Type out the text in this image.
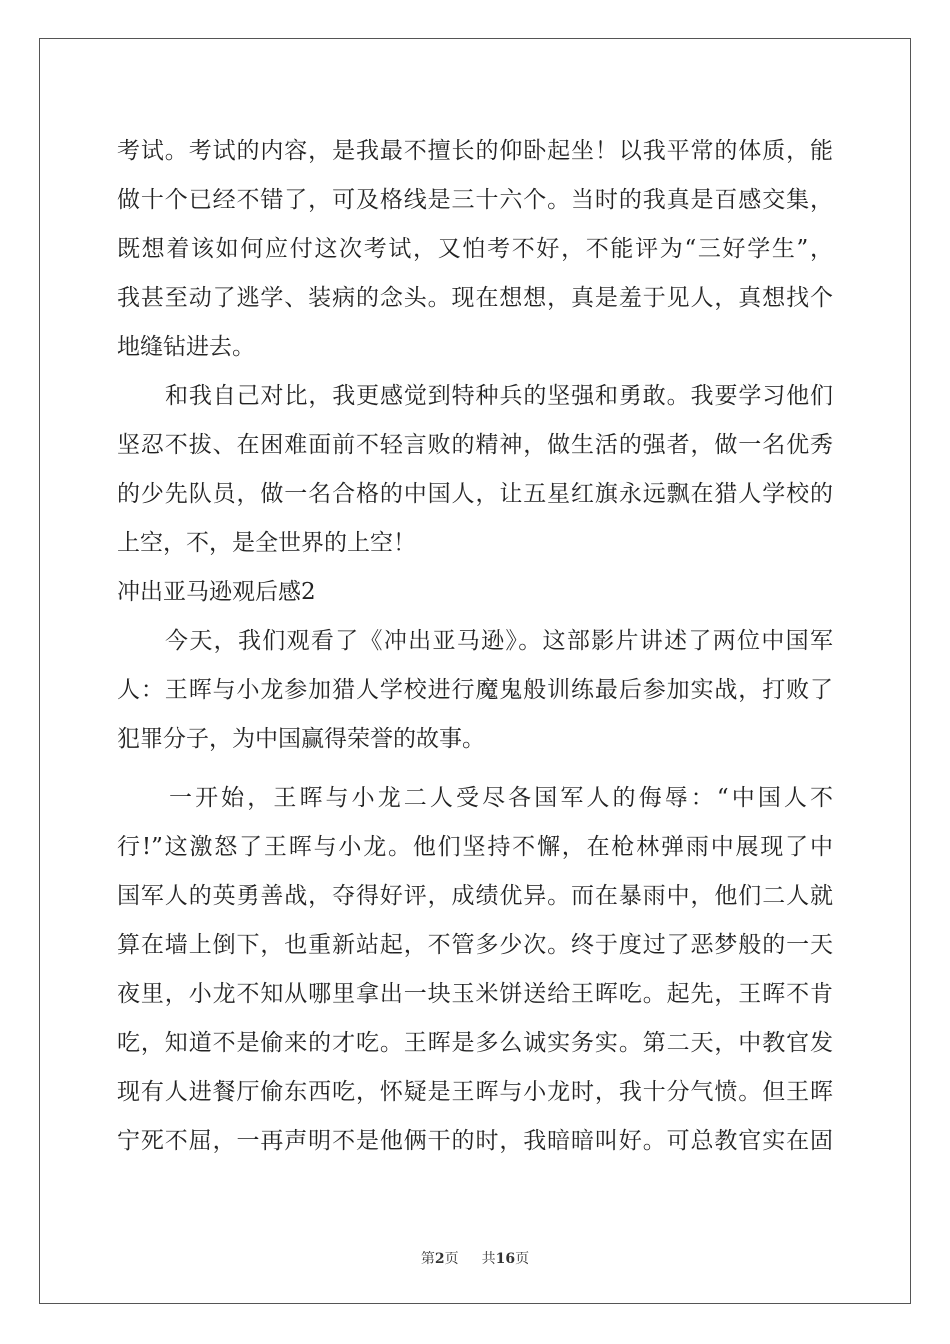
考试。考试的内容，是我最不擅长的仰卧起坐！以我平常的体质，能
做十个已经不错了，可及格线是三十六个。当时的我真是百感交集，
既想着该如何应付这次考试，又怕考不好，不能评为“三好学生”，
我甚至动了逃学、装病的念头。现在想想，真是羞于见人，真想找个
地缝钻进去。
和我自己对比，我更感觉到特种兵的坚强和勇敢。我要学习他们
坚忍不拔、在困难面前不轻言败的精神，做生活的强者，做一名优秀
的少先队员，做一名合格的中国人，让五星红旗永远飘在猎人学校的
上空，不，是全世界的上空！
冲出亚马逊观后感2
今天，我们观看了《冲出亚马逊》。这部影片讲述了两位中国军
人：王晖与小龙参加猎人学校进行魔鬼般训练最后参加实战，打败了
犯罪分子，为中国赢得荣誉的故事。
一开始，王晖与小龙二人受尽各国军人的侮辱：“中国人不
行!”这激怒了王晖与小龙。他们坚持不懈，在枪林弹雨中展现了中
国军人的英勇善战，夺得好评，成绩优异。而在暴雨中，他们二人就
算在墙上倒下，也重新站起，不管多少次。终于度过了恶梦般的一天
夜里，小龙不知从哪里拿出一块玉米饼送给王晖吃。起先，王晖不肯
吃，知道不是偷来的才吃。王晖是多么诚实务实。第二天，中教官发
现有人进餐厅偷东西吃，怀疑是王晖与小龙时，我十分气愤。但王晖
宁死不屈，一再声明不是他俩干的时，我暗暗叫好。可总教官实在固
第2页 共16页
